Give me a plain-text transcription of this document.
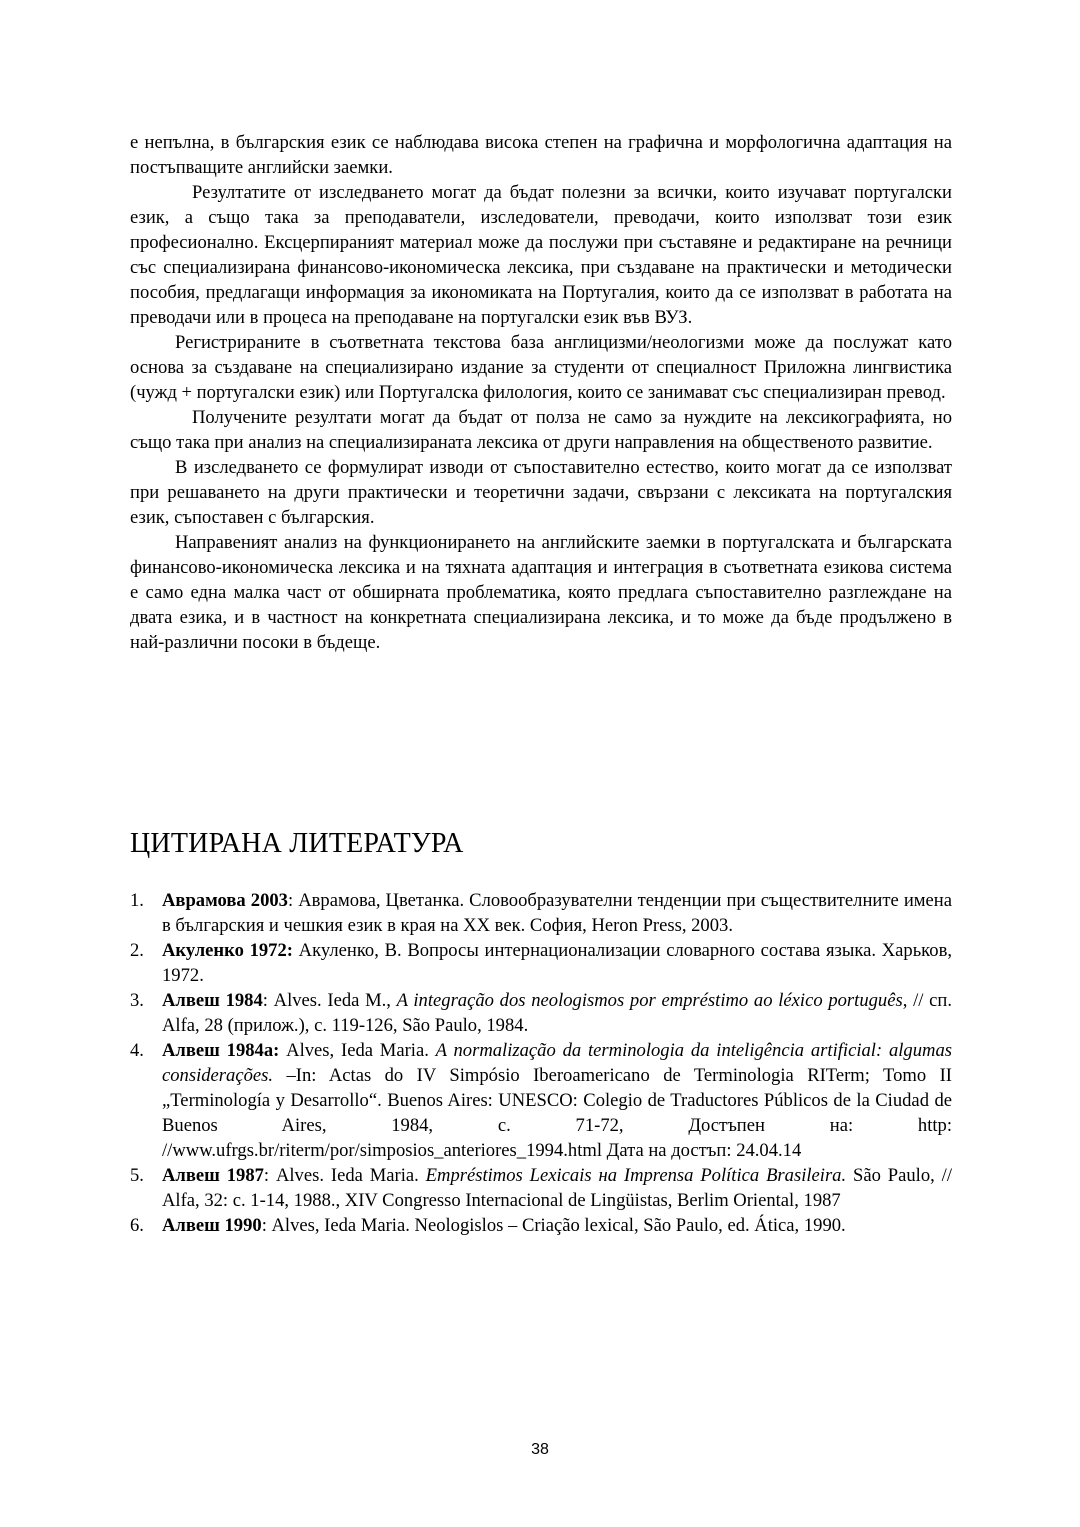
е непълна, в българския език се наблюдава висока степен на графична и морфологична адаптация на постъпващите английски заемки.

Резултатите от изследването могат да бъдат полезни за всички, които изучават португалски език, а също така за преподаватели, изследователи, преводачи, които използват този език професионално. Ексцерпираният материал може да послужи при съставяне и редактиране на речници със специализирана финансово-икономическа лексика, при създаване на практически и методически пособия, предлагащи информация за икономиката на Португалия, които да се използват в работата на преводачи или в процеса на преподаване на португалски език във ВУЗ.

Регистрираните в съответната текстова база англицизми/неологизми може да послужат като основа за създаване на специализирано издание за студенти от специалност Приложна лингвистика (чужд + португалски език) или Португалска филология, които се занимават със специализиран превод.

Получените резултати могат да бъдат от полза не само за нуждите на лексикографията, но също така при анализ на специализираната лексика от други направления на общественото развитие.

В изследването се формулират изводи от съпоставително естество, които могат да се използват при решаването на други практически и теоретични задачи, свързани с лексиката на португалския език, съпоставен с българския.

Направеният анализ на функционирането на английските заемки в португалската и българската финансово-икономическа лексика и на тяхната адаптация и интеграция в съответната езикова система е само една малка част от обширната проблематика, която предлага съпоставително разглеждане на двата езика, и в частност на конкретната специализирана лексика, и то може да бъде продължено в най-различни посоки в бъдеще.

ЦИТИРАНА ЛИТЕРАТУРА
1. Аврамова 2003: Аврамова, Цветанка. Словообразувателни тенденции при съществителните имена в българския и чешкия език в края на XX век. София, Heron Press, 2003.
2. Акуленко 1972: Акуленко, В. Вопросы интернационализации словарного состава языка. Харьков, 1972.
3. Алвеш 1984: Alves. Ieda M., A integração dos neologismos por empréstimo ao léxico português, // сп. Alfa, 28 (прилож.), с. 119-126, São Paulo, 1984.
4. Алвеш 1984а: Alves, Ieda Maria. A normalização da terminologia da inteligência artificial: algumas considerações. –In: Actas do IV Simpósio Iberoamericano de Terminologia RITerm; Tomo II „Terminología y Desarrollo“. Buenos Aires: UNESCO: Colegio de Traductores Públicos de la Ciudad de Buenos Aires, 1984, с. 71-72, Достъпен на: http: //www.ufrgs.br/riterm/por/simposios_anteriores_1994.html Дата на достъп: 24.04.14
5. Алвеш 1987: Alves. Ieda Maria. Empréstimos Lexicais на Imprensa Política Brasileira. São Paulo, // Alfa, 32: с. 1-14, 1988., XIV Congresso Internacional de Lingüistas, Berlim Oriental, 1987
6. Алвеш 1990: Alves, Ieda Maria. Neologislos – Criação lexical, São Paulo, ed. Ática, 1990.
38
